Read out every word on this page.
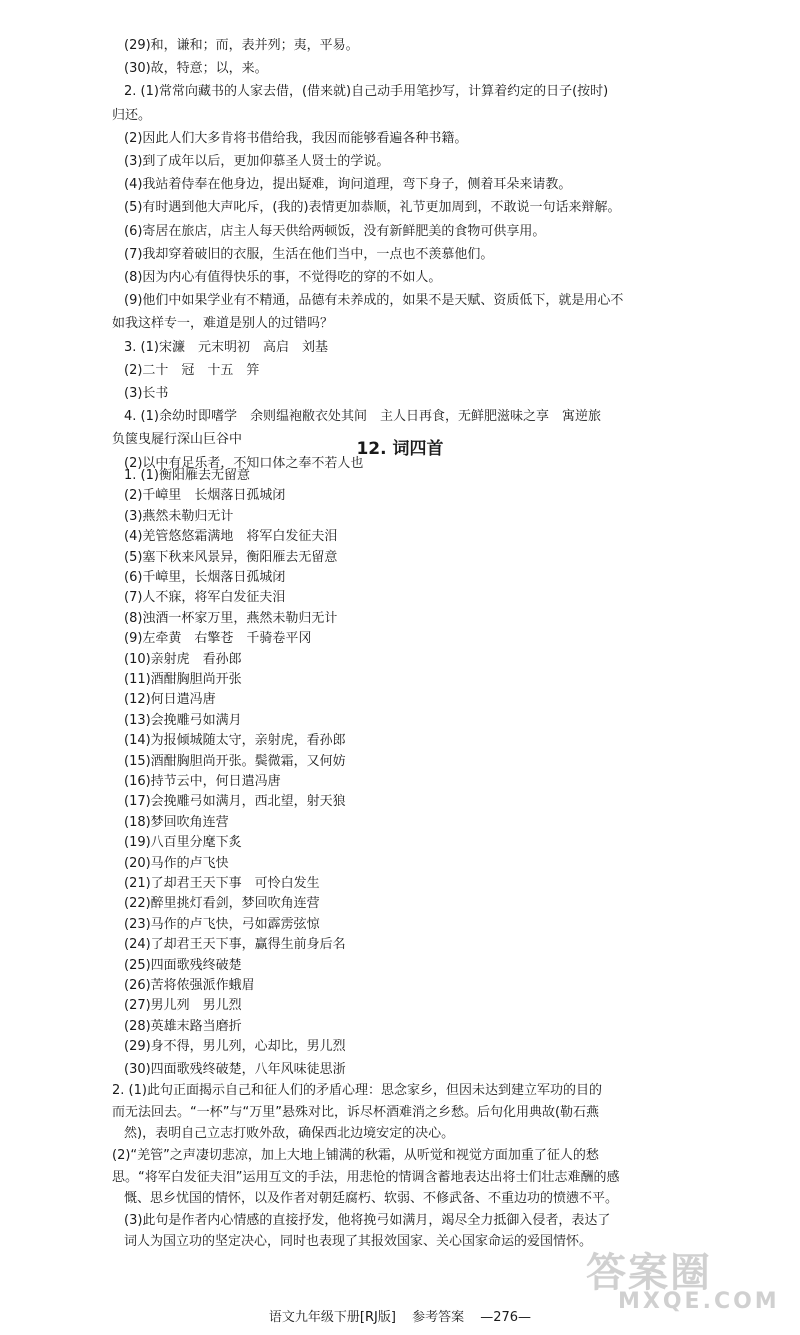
(29)和，谦和；而，表并列；夷，平易。
(30)故，特意；以，来。
2. (1)常常向藏书的人家去借，(借来就)自己动手用笔抄写，计算着约定的日子(按时)
归还。
(2)因此人们大多肯将书借给我，我因而能够看遍各种书籍。
(3)到了成年以后，更加仰慕圣人贤士的学说。
(4)我站着侍奉在他身边，提出疑难，询问道理，弯下身子，侧着耳朵来请教。
(5)有时遇到他大声叱斥，(我的)表情更加恭顺，礼节更加周到，不敢说一句话来辩解。
(6)寄居在旅店，店主人每天供给两顿饭，没有新鲜肥美的食物可供享用。
(7)我却穿着破旧的衣服，生活在他们当中，一点也不羡慕他们。
(8)因为内心有值得快乐的事，不觉得吃的穿的不如人。
(9)他们中如果学业有不精通，品德有未养成的，如果不是天赋、资质低下，就是用心不
如我这样专一，难道是别人的过错吗？
3. (1)宋濂　元末明初　高启　刘基
(2)二十　冠　十五　笄
(3)长书
4. (1)余幼时即嗜学　余则缊袍敝衣处其间　主人日再食，无鲜肥滋味之享　寓逆旅
负箧曳屣行深山巨谷中
(2)以中有足乐者，不知口体之奉不若人也
1. (1)衡阳雁去无留意
(2)千嶂里　长烟落日孤城闭
(3)燕然未勒归无计
(4)羌管悠悠霜满地　将军白发征夫泪
(5)塞下秋来风景异，衡阳雁去无留意
(6)千嶂里，长烟落日孤城闭
(7)人不寐，将军白发征夫泪
(8)浊酒一杯家万里，燕然未勒归无计
(9)左牵黄　右擎苍　千骑卷平冈
(10)亲射虎　看孙郎
(11)酒酣胸胆尚开张
(12)何日遣冯唐
(13)会挽雕弓如满月
(14)为报倾城随太守，亲射虎，看孙郎
(15)酒酣胸胆尚开张。鬓微霜，又何妨
(16)持节云中，何日遣冯唐
(17)会挽雕弓如满月，西北望，射天狼
(18)梦回吹角连营
(19)八百里分麾下炙
(20)马作的卢飞快
(21)了却君王天下事　可怜白发生
(22)醉里挑灯看剑，梦回吹角连营
(23)马作的卢飞快，弓如霹雳弦惊
(24)了却君王天下事，赢得生前身后名
(25)四面歌残终破楚
(26)苦将侬强派作蛾眉
(27)男儿列　男儿烈
(28)英雄末路当磨折
(29)身不得，男儿列，心却比，男儿烈
(30)四面歌残终破楚，八年风味徒思浙
2. (1)此句正面揭示自己和征人们的矛盾心理：思念家乡，但因未达到建立军功的目的
而无法回去。“一杯”与“万里”悬殊对比，诉尽杯酒难消之乡愁。后句化用典故(勒石燕
然)，表明自己立志打败外敌，确保西北边境安定的决心。
(2)“羌管”之声凄切悲凉，加上大地上铺满的秋霜，从听觉和视觉方面加重了征人的愁
思。“将军白发征夫泪”运用互文的手法，用悲怆的情调含蓄地表达出将士们壮志难酬的感
慨、思乡忧国的情怀，以及作者对朝廷腐朽、软弱、不修武备、不重边功的愤懑不平。
(3)此句是作者内心情感的直接抒发，他将挽弓如满月，竭尽全力抵御入侵者，表达了
词人为国立功的坚定决心，同时也表现了其报效国家、关心国家命运的爱国情怀。
12. 词四首
语文九年级下册[RJ版] 参考答案 —276—
答案圈
MXQE.COM
